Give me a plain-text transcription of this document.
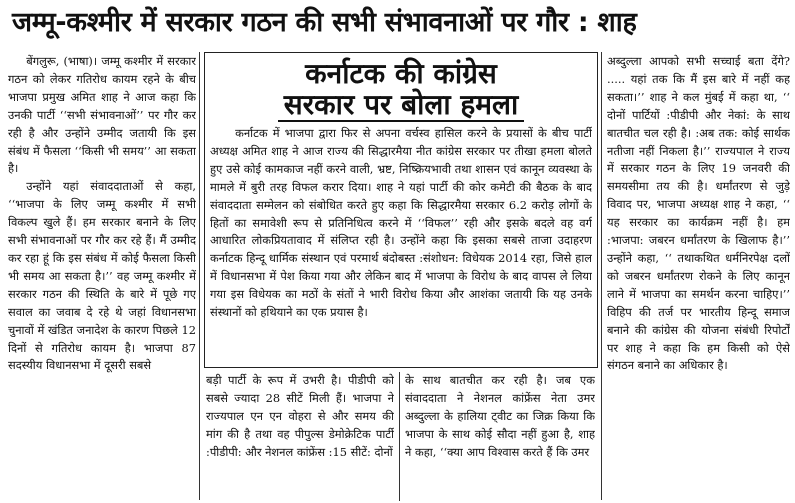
जम्मू-कश्मीर में सरकार गठन की सभी संभावनाओं पर गौर : शाह

बेंगलुरू, (भाषा)। जम्मू कश्मीर में सरकार गठन को लेकर गतिरोध कायम रहने के बीच भाजपा प्रमुख अमित शाह ने आज कहा कि उनकी पार्टी ‘‘सभी संभावनाओं’’ पर गौर कर रही है और उन्होंने उम्मीद जतायी कि इस संबंध में फैसला ‘‘किसी भी समय’’ आ सकता है।

उन्होंने यहां संवाददाताओं से कहा, ‘‘भाजपा के लिए जम्मू कश्मीर में सभी विकल्प खुले हैं। हम सरकार बनाने के लिए सभी संभावनाओं पर गौर कर रहे हैं। मैं उम्मीद कर रहा हूं कि इस संबंध में कोई फैसला किसी भी समय आ सकता है।’’ वह जम्मू कश्मीर में सरकार गठन की स्थिति के बारे में पूछे गए सवाल का जवाब दे रहे थे जहां विधानसभा चुनावों में खंडित जनादेश के कारण पिछले 12 दिनों से गतिरोध कायम है। भाजपा 87 सदस्यीय विधानसभा में दूसरी सबसे

कर्नाटक की कांग्रेस
सरकार पर बोला हमला

कर्नाटक में भाजपा द्वारा फिर से अपना वर्चस्व हासिल करने के प्रयासों के बीच पार्टी अध्यक्ष अमित शाह ने आज राज्य की सिद्धारमैया नीत कांग्रेस सरकार पर तीखा हमला बोलते हुए उसे कोई कामकाज नहीं करने वाली, भ्रष्ट, निष्क्रियभावी तथा शासन एवं कानून व्यवस्था के मामले में बुरी तरह विफल करार दिया। शाह ने यहां पार्टी की कोर कमेटी की बैठक के बाद संवाददाता सम्मेलन को संबोधित करते हुए कहा कि सिद्धारमैया सरकार 6.2 करोड़ लोगों के हितों का समावेशी रूप से प्रतिनिधित्व करने में ‘‘विफल’’ रही और इसके बदले वह वर्ग आधारित लोकप्रियतावाद में संलिप्त रही है। उन्होंने कहा कि इसका सबसे ताजा उदाहरण कर्नाटक हिन्दू धार्मिक संस्थान एवं परमार्थ बंदोबस्त :संशोधन: विधेयक 2014 रहा, जिसे हाल में विधानसभा में पेश किया गया और लेकिन बाद में भाजपा के विरोध के बाद वापस ले लिया गया इस विधेयक का मठों के संतों ने भारी विरोध किया और आशंका जतायी कि यह उनके संस्थानों को हथियाने का एक प्रयास है।

बड़ी पार्टी के रूप में उभरी है। पीडीपी को सबसे ज्यादा 28 सीटें मिली हैं। भाजपा ने राज्यपाल एन एन वोहरा से और समय की मांग की है तथा वह पीपुल्स डेमोक्रेटिक पार्टी :पीडीपी: और नेशनल कांफ्रेंस :15 सीटें: दोनों

के साथ बातचीत कर रही है। जब एक संवाददाता ने नेशनल कांफ्रेंस नेता उमर अब्दुल्ला के हालिया ट्वीट का जिक्र किया कि भाजपा के साथ कोई सौदा नहीं हुआ है, शाह ने कहा, ‘‘क्या आप विश्वास करते हैं कि उमर

अब्दुल्ला आपको सभी सच्चाई बता देंगे? ..... यहां तक कि मैं इस बारे में नहीं कह सकता।’’ शाह ने कल मुंबई में कहा था, ‘‘ दोनों पार्टियों :पीडीपी और नेकां: के साथ बातचीत चल रही है। :अब तक: कोई सार्थक नतीजा नहीं निकला है।’’ राज्यपाल ने राज्य में सरकार गठन के लिए 19 जनवरी की समयसीमा तय की है। धर्मांतरण से जुड़े विवाद पर, भाजपा अध्यक्ष शाह ने कहा, ‘‘ यह सरकार का कार्यक्रम नहीं है। हम :भाजपा: जबरन धर्मांतरण के खिलाफ है।’’ उन्होंने कहा, ‘‘ तथाकथित धर्मनिरपेक्ष दलों को जबरन धर्मांतरण रोकने के लिए कानून लाने में भाजपा का समर्थन करना चाहिए।’’ विहिप की तर्ज पर भारतीय हिन्दू समाज बनाने की कांग्रेस की योजना संबंधी रिपोर्टों पर शाह ने कहा कि हम किसी को ऐसे संगठन बनाने का अधिकार है।
